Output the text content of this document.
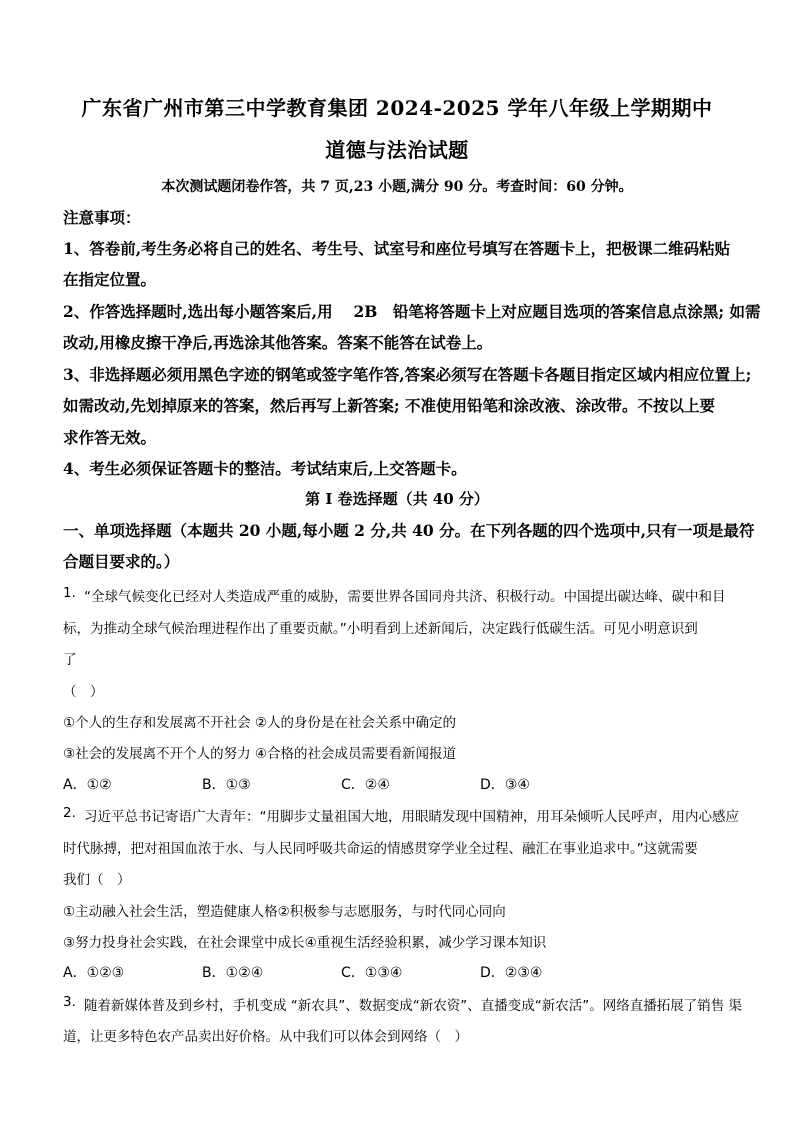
广东省广州市第三中学教育集团 2024-2025 学年八年级上学期期中
道德与法治试题
本次测试题闭卷作答，共 7 页,23 小题,满分 90 分。考查时间：60 分钟。
注意事项：
1、答卷前,考生务必将自己的姓名、考生号、试室号和座位号填写在答题卡上，把极课二维码粘贴
在指定位置。
2、作答选择题时,选出每小题答案后,用　 2B　铅笔将答题卡上对应题目选项的答案信息点涂黑; 如需
改动,用橡皮擦干净后,再选涂其他答案。答案不能答在试卷上。
3、非选择题必须用黑色字迹的钢笔或签字笔作答,答案必须写在答题卡各题目指定区域内相应位置上;
如需改动,先划掉原来的答案，然后再写上新答案; 不准使用铅笔和涂改液、涂改带。不按以上要
求作答无效。
4、考生必须保证答题卡的整洁。考试结束后,上交答题卡。
第 I 卷选择题（共 40 分）
一、单项选择题（本题共 20 小题,每小题 2 分,共 40 分。在下列各题的四个选项中,只有一项是最符
合题目要求的。）
1. “全球气候变化已经对人类造成严重的威胁，需要世界各国同舟共济、积极行动。中国提出碳达峰、碳中和目
标，为推动全球气候治理进程作出了重要贡献。”小明看到上述新闻后，决定践行低碳生活。可见小明意识到
了
（　）
①个人的生存和发展离不开社会 ②人的身份是在社会关系中确定的
③社会的发展离不开个人的努力 ④合格的社会成员需要看新闻报道
A．①②	B．①③	C．②④	D．③④
2. 习近平总书记寄语广大青年：“用脚步丈量祖国大地，用眼睛发现中国精神，用耳朵倾听人民呼声，用内心感应
时代脉搏，把对祖国血浓于水、与人民同呼吸共命运的情感贯穿学业全过程、融汇在事业追求中。”这就需要
我们（　）
①主动融入社会生活，塑造健康人格②积极参与志愿服务，与时代同心同向
③努力投身社会实践，在社会课堂中成长④重视生活经验积累，减少学习课本知识
A．①②③	B．①②④	C．①③④	D．②③④
3. 随着新媒体普及到乡村，手机变成 “新农具”、数据变成“新农资”、直播变成“新农活”。网络直播拓展了销售 渠
道，让更多特色农产品卖出好价格。从中我们可以体会到网络（　）
